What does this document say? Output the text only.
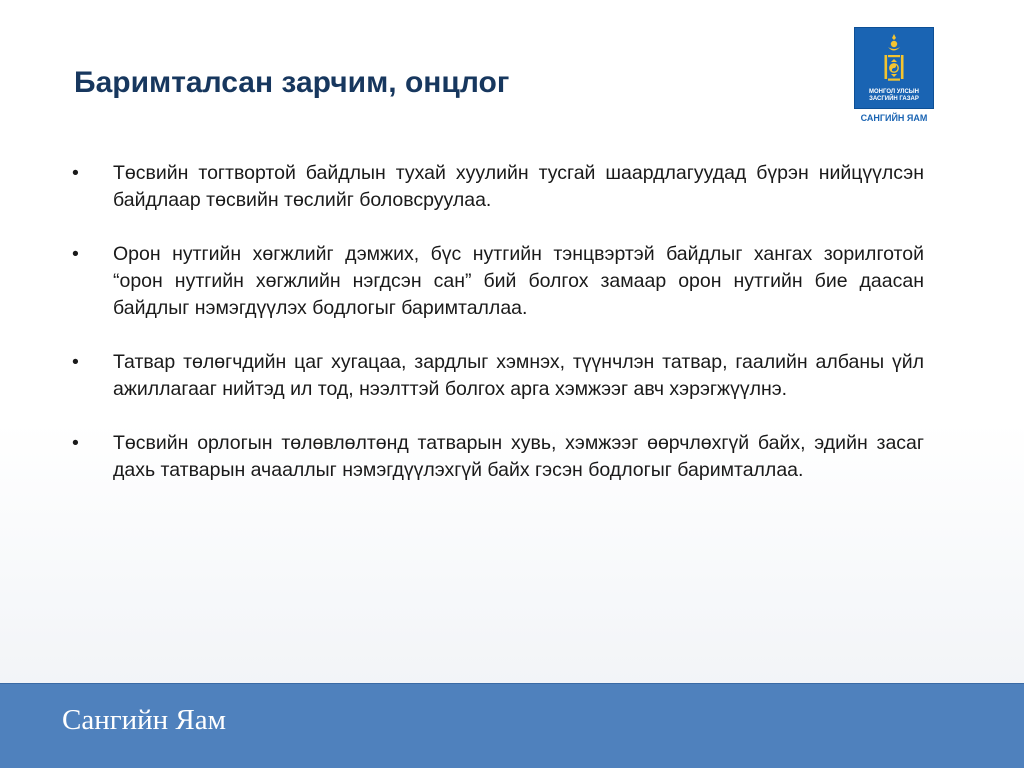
Баримталсан зарчим, онцлог	МОНГОЛ УЛСЫН
ЗАСГИЙН ГАЗАР
САНГИЙН ЯАМ
• Төсвийн тогтвортой байдлын тухай хуулийн тусгай шаардлагуудад бүрэн нийцүүлсэн байдлаар төсвийн төслийг боловсруулаа.
• Орон нутгийн хөгжлийг дэмжих, бүс нутгийн тэнцвэртэй байдлыг хангах зорилготой “орон нутгийн хөгжлийн нэгдсэн сан” бий болгох замаар орон нутгийн бие даасан байдлыг нэмэгдүүлэх бодлогыг баримталлаа.
• Татвар төлөгчдийн цаг хугацаа, зардлыг хэмнэх, түүнчлэн татвар, гаалийн албаны үйл ажиллагааг нийтэд ил тод, нээлттэй болгох арга хэмжээг авч хэрэгжүүлнэ.
• Төсвийн орлогын төлөвлөлтөнд татварын хувь, хэмжээг өөрчлөхгүй байх, эдийн засаг дахь татварын ачааллыг нэмэгдүүлэхгүй байх гэсэн бодлогыг баримталлаа.
Сангийн Яам
